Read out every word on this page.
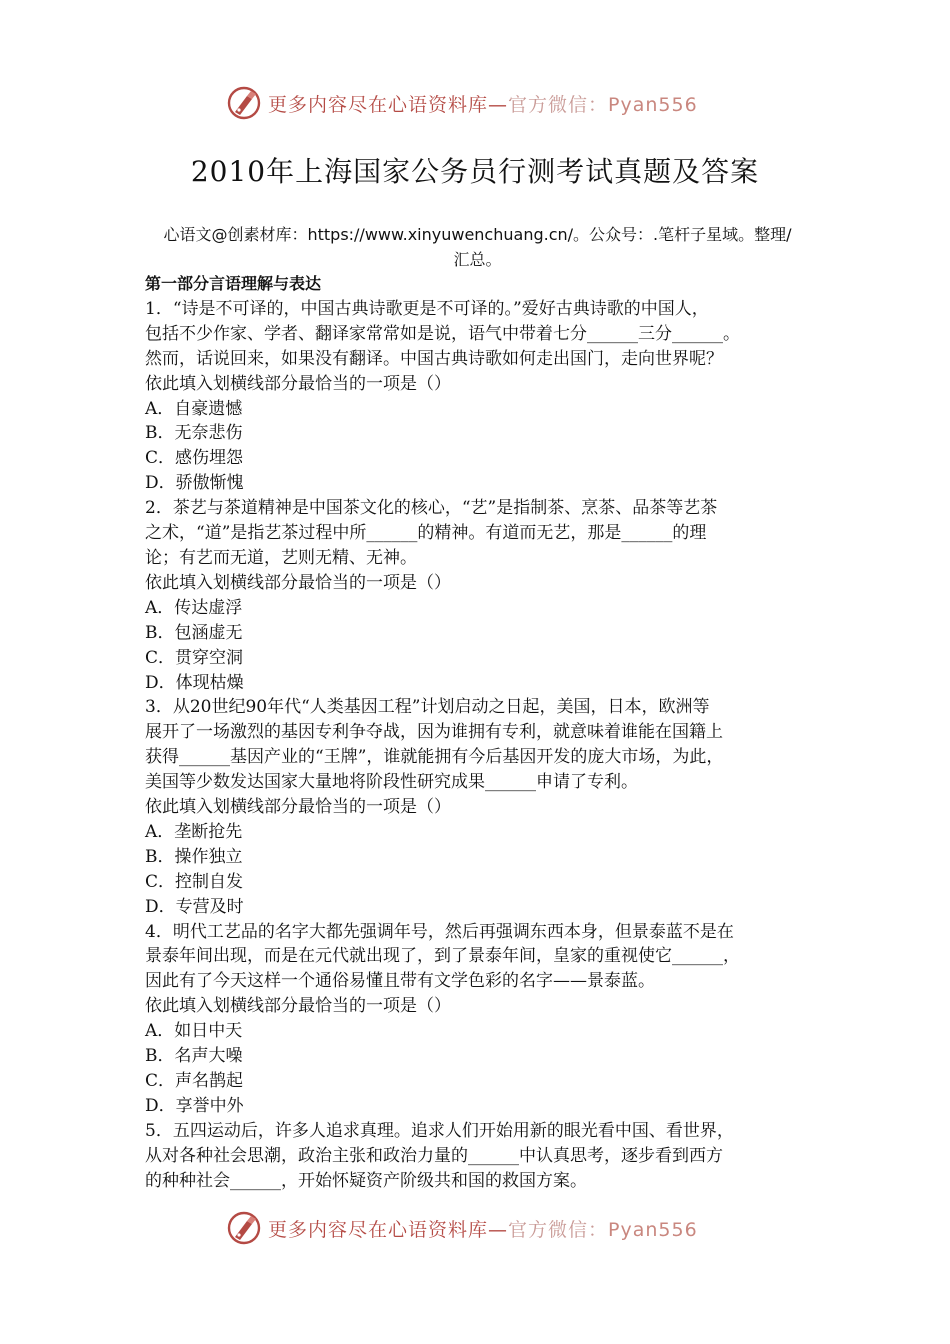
更多内容尽在心语资料库—官方微信：Pyan556
2010年上海国家公务员行测考试真题及答案
心语文@创素材库：https://www.xinyuwenchuang.cn/。公众号：.笔杆子星域。整理/
汇总。
第一部分言语理解与表达
1．“诗是不可译的，中国古典诗歌更是不可译的。”爱好古典诗歌的中国人，
包括不少作家、学者、翻译家常常如是说，语气中带着七分______三分______。
然而，话说回来，如果没有翻译。中国古典诗歌如何走出国门，走向世界呢？
依此填入划横线部分最恰当的一项是（）
A．自豪遗憾
B．无奈悲伤
C．感伤埋怨
D．骄傲惭愧
2．茶艺与茶道精神是中国茶文化的核心，“艺”是指制茶、烹茶、品茶等艺茶
之术，“道”是指艺茶过程中所______的精神。有道而无艺，那是______的理
论；有艺而无道，艺则无精、无神。
依此填入划横线部分最恰当的一项是（）
A．传达虚浮
B．包涵虚无
C．贯穿空洞
D．体现枯燥
3．从20世纪90年代“人类基因工程”计划启动之日起，美国，日本，欧洲等
展开了一场激烈的基因专利争夺战，因为谁拥有专利，就意味着谁能在国籍上
获得______基因产业的“王牌”，谁就能拥有今后基因开发的庞大市场，为此，
美国等少数发达国家大量地将阶段性研究成果______申请了专利。
依此填入划横线部分最恰当的一项是（）
A．垄断抢先
B．操作独立
C．控制自发
D．专营及时
4．明代工艺品的名字大都先强调年号，然后再强调东西本身，但景泰蓝不是在
景泰年间出现，而是在元代就出现了，到了景泰年间，皇家的重视使它______，
因此有了今天这样一个通俗易懂且带有文学色彩的名字——景泰蓝。
依此填入划横线部分最恰当的一项是（）
A．如日中天
B．名声大噪
C．声名鹊起
D．享誉中外
5．五四运动后，许多人追求真理。追求人们开始用新的眼光看中国、看世界，
从对各种社会思潮，政治主张和政治力量的______中认真思考，逐步看到西方
的种种社会______，开始怀疑资产阶级共和国的救国方案。
更多内容尽在心语资料库—官方微信：Pyan556
